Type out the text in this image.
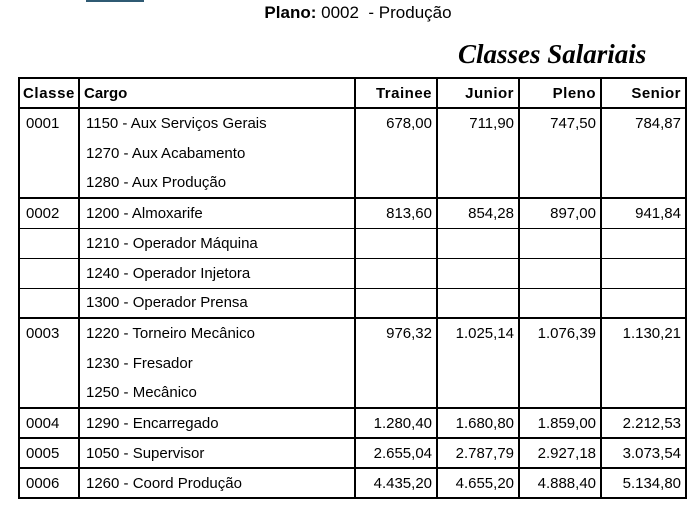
Plano: 0002  - Produção
Classes Salariais
Classe	Cargo	Trainee	Junior	Pleno	Senior
0001	1150 - Aux Serviços Gerais	678,00	711,90	747,50	784,87
	1270 - Aux Acabamento				
	1280 - Aux Produção				
0002	1200 - Almoxarife	813,60	854,28	897,00	941,84
	1210 - Operador Máquina				
	1240 - Operador Injetora				
	1300 - Operador Prensa				
0003	1220 - Torneiro Mecânico	976,32	1.025,14	1.076,39	1.130,21
	1230 - Fresador				
	1250 - Mecânico				
0004	1290 - Encarregado	1.280,40	1.680,80	1.859,00	2.212,53
0005	1050 - Supervisor	2.655,04	2.787,79	2.927,18	3.073,54
0006	1260 - Coord Produção	4.435,20	4.655,20	4.888,40	5.134,80
